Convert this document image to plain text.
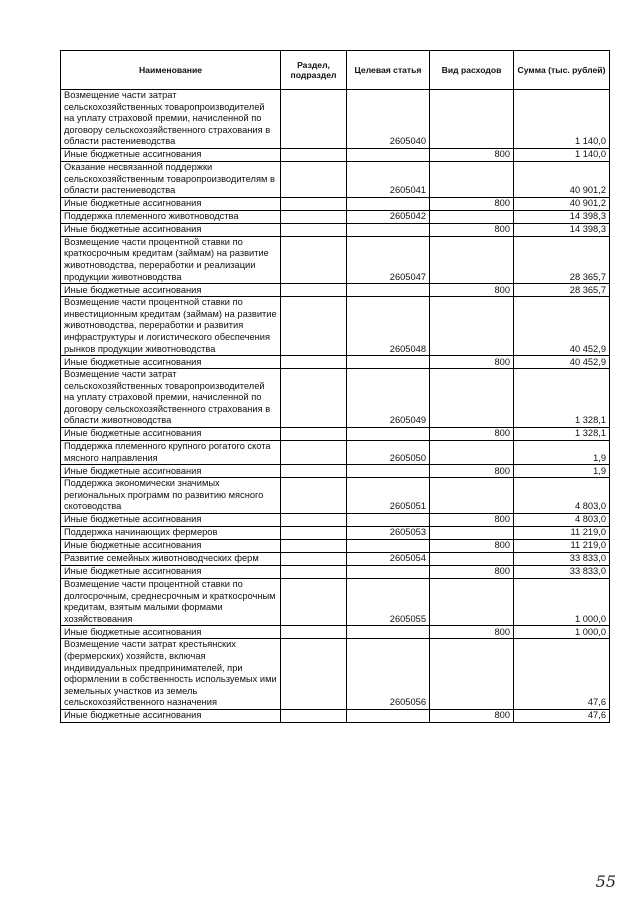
Наименование	Раздел, подраздел	Целевая статья	Вид расходов	Сумма (тыс. рублей)
Возмещение части затрат сельскохозяйственных товаропроизводителей на уплату страховой премии, начисленной по договору сельскохозяйственного страхования в области растениеводства		2605040		1 140,0
Иные бюджетные ассигнования			800	1 140,0
Оказание несвязанной поддержки сельскохозяйственным товаропроизводителям в области растениеводства		2605041		40 901,2
Иные бюджетные ассигнования			800	40 901,2
Поддержка племенного животноводства		2605042		14 398,3
Иные бюджетные ассигнования			800	14 398,3
Возмещение части процентной ставки по краткосрочным кредитам (займам) на развитие животноводства, переработки и реализации продукции животноводства		2605047		28 365,7
Иные бюджетные ассигнования			800	28 365,7
Возмещение части процентной ставки по инвестиционным кредитам (займам) на развитие животноводства, переработки и развития инфраструктуры и логистического обеспечения рынков продукции животноводства		2605048		40 452,9
Иные бюджетные ассигнования			800	40 452,9
Возмещение части затрат сельскохозяйственных товаропроизводителей на уплату страховой премии, начисленной по договору сельскохозяйственного страхования в области животноводства		2605049		1 328,1
Иные бюджетные ассигнования			800	1 328,1
Поддержка племенного крупного рогатого скота мясного направления		2605050		1,9
Иные бюджетные ассигнования			800	1,9
Поддержка экономически значимых региональных программ по развитию мясного скотоводства		2605051		4 803,0
Иные бюджетные ассигнования			800	4 803,0
Поддержка начинающих фермеров		2605053		11 219,0
Иные бюджетные ассигнования			800	11 219,0
Развитие семейных животноводческих ферм		2605054		33 833,0
Иные бюджетные ассигнования			800	33 833,0
Возмещение части процентной ставки по долгосрочным, среднесрочным и краткосрочным кредитам, взятым малыми формами хозяйствования		2605055		1 000,0
Иные бюджетные ассигнования			800	1 000,0
Возмещение части затрат крестьянских (фермерских) хозяйств, включая индивидуальных предпринимателей, при оформлении в собственность используемых ими земельных участков из земель сельскохозяйственного назначения		2605056		47,6
Иные бюджетные ассигнования			800	47,6
55
